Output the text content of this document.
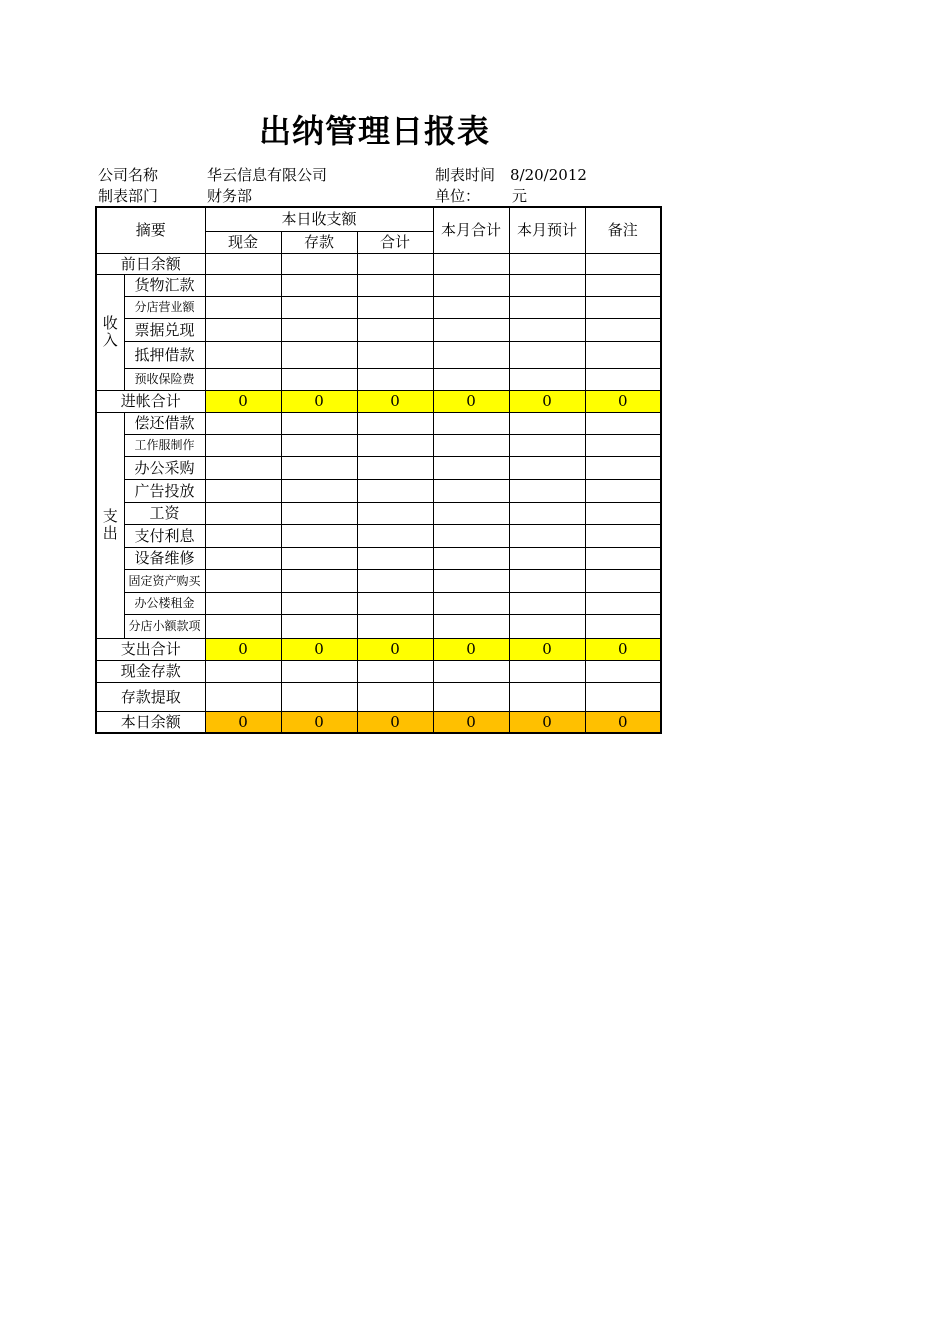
出纳管理日报表
公司名称	华云信息有限公司	制表时间 8/20/2012
制表部门	财务部	单位： 元
摘要		本日收支额			本月合计	本月预计	备注
		现金	存款	合计			
前日余额							
收入	货物汇款						
	分店营业额						
	票据兑现						
	抵押借款						
	预收保险费						
进帐合计		0	0	0	0	0	0
支出	偿还借款						
	工作服制作						
	办公采购						
	广告投放						
	工资						
	支付利息						
	设备维修						
	固定资产购买						
	办公楼租金						
	分店小额款项						
支出合计		0	0	0	0	0	0
现金存款							
存款提取							
本日余额		0	0	0	0	0	0
